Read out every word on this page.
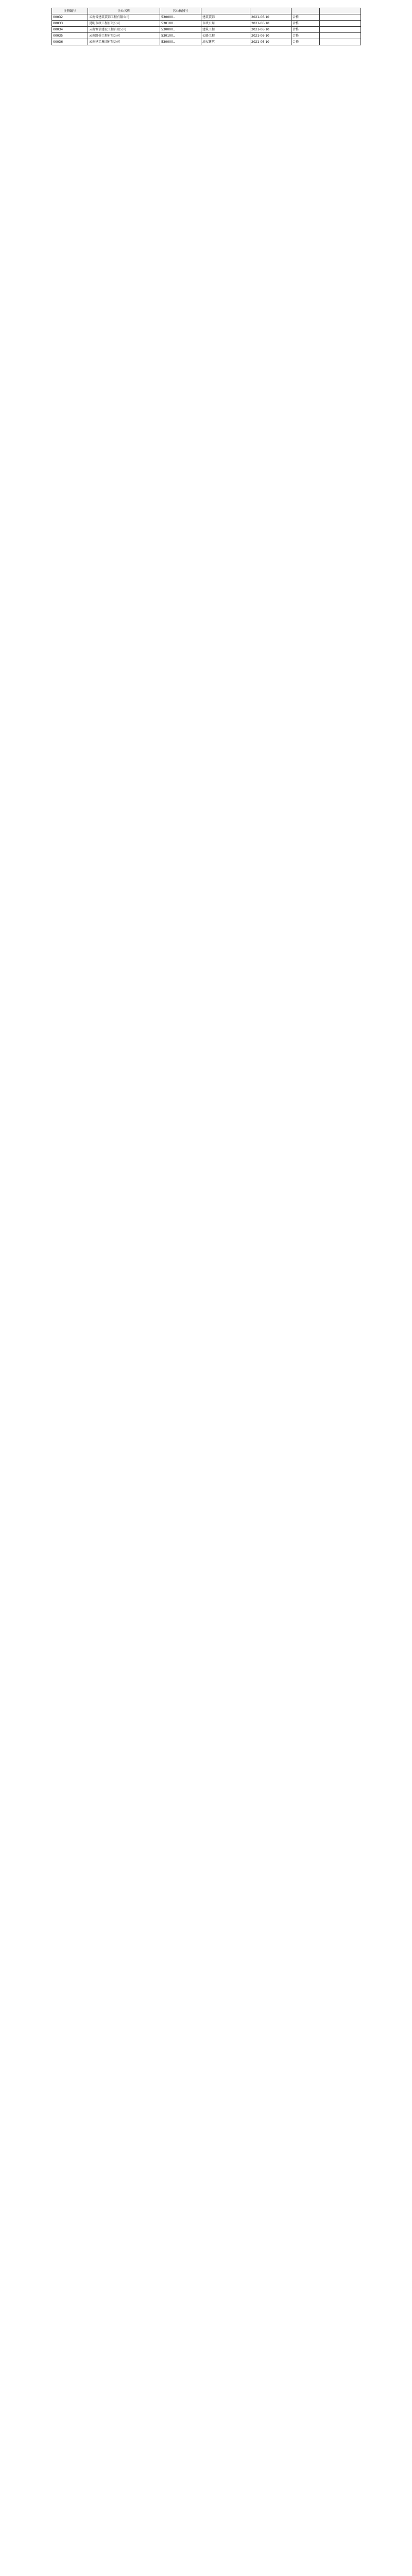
注册编号	企业名称	营业执照号				
00032	云南省建筑装饰工程有限公司	530000..	建筑装饰	2021-06-10	合格	
00033	昆明市政工程有限公司	530100..	市政公用	2021-06-10	合格	
00034	云南恒信建设工程有限公司	530000..	建筑工程	2021-06-10	合格	
00035	云南路桥工程有限公司	530100..	公路工程	2021-06-10	合格	
00036	云南建工集团有限公司	530000..	房屋建筑	2021-06-10	合格	
